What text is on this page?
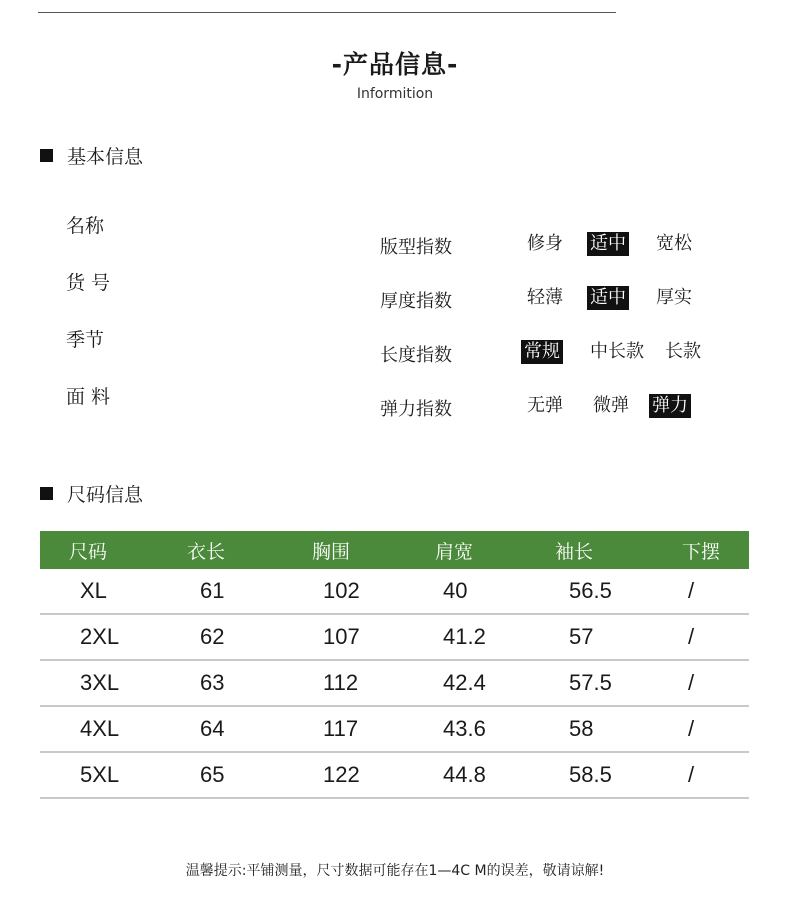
-产品信息-
Informition
基本信息
名称
货 号
季节
面 料
版型指数	修身 适中 宽松
厚度指数	轻薄 适中 厚实
长度指数	常规 中长款 长款
弹力指数	无弹 微弹 弹力
尺码信息
尺码	衣长	胸围	肩宽	袖长	下摆
XL	61	102	40	56.5	/
2XL	62	107	41.2	57	/
3XL	63	112	42.4	57.5	/
4XL	64	117	43.6	58	/
5XL	65	122	44.8	58.5	/
温馨提示:平铺测量，尺寸数据可能存在1—4C M的误差，敬请谅解!
